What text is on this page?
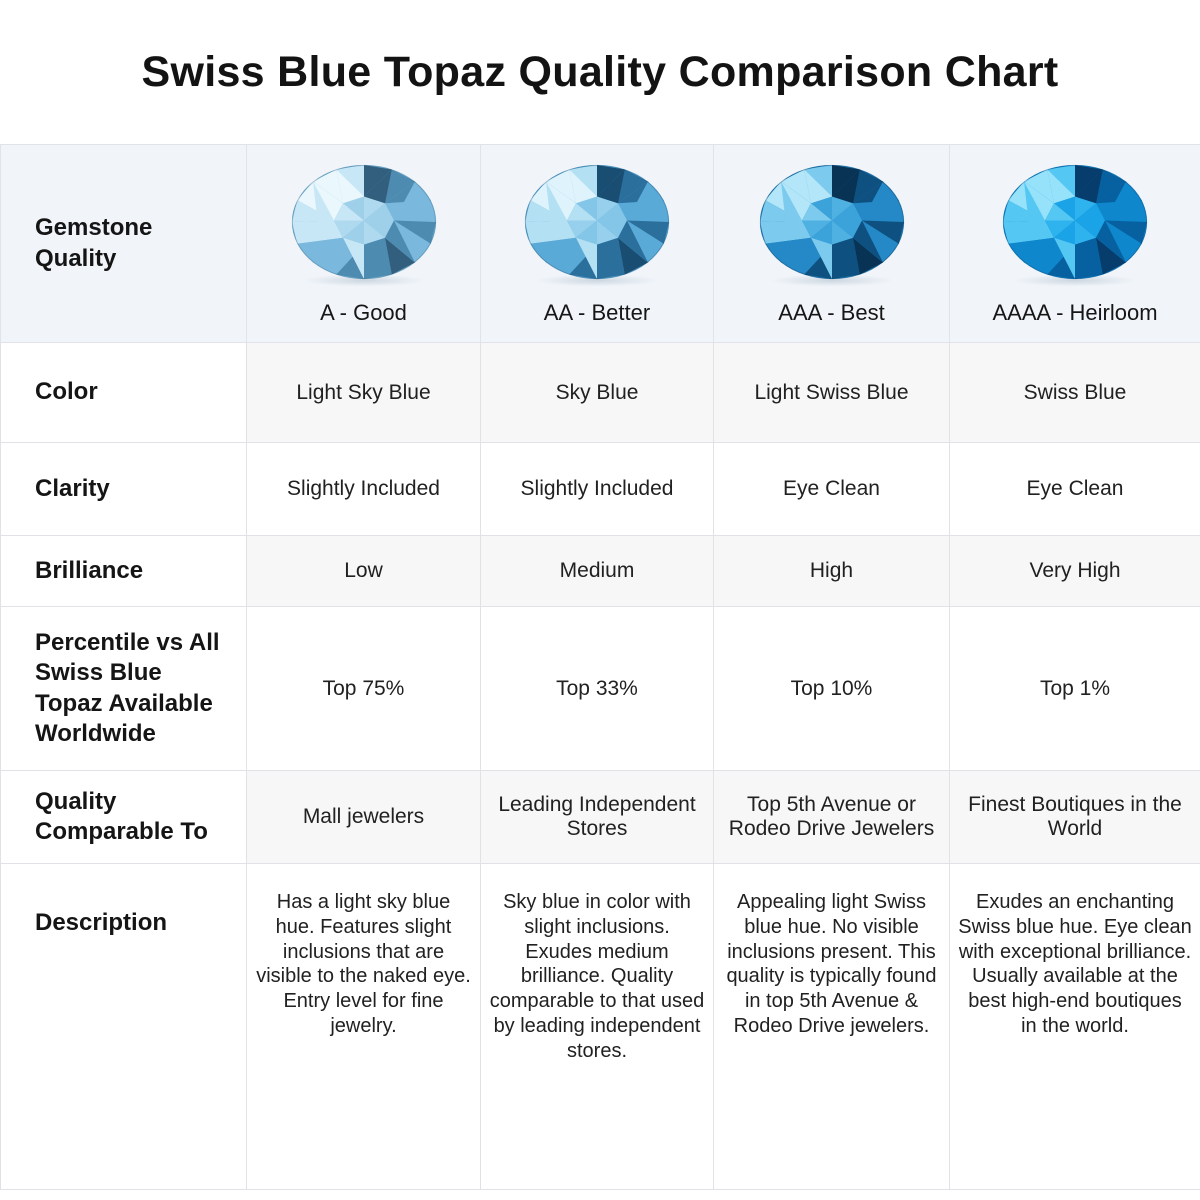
Swiss Blue Topaz Quality Comparison Chart
Gemstone Quality	A - Good	AA - Better	AAA - Best	AAAA - Heirloom

Color	Light Sky Blue	Sky Blue	Light Swiss Blue	Swiss Blue
Clarity	Slightly Included	Slightly Included	Eye Clean	Eye Clean
Brilliance	Low	Medium	High	Very High
Percentile vs All Swiss Blue Topaz Available Worldwide	Top 75%	Top 33%	Top 10%	Top 1%
Quality Comparable To	Mall jewelers	Leading Independent Stores	Top 5th Avenue or Rodeo Drive Jewelers	Finest Boutiques in the World
Description	Has a light sky blue hue. Features slight inclusions that are visible to the naked eye. Entry level for fine jewelry.	Sky blue in color with slight inclusions. Exudes medium brilliance. Quality comparable to that used by leading independent stores.	Appealing light Swiss blue hue. No visible inclusions present. This quality is typically found in top 5th Avenue & Rodeo Drive jewelers.	Exudes an enchanting Swiss blue hue. Eye clean with exceptional brilliance. Usually available at the best high-end boutiques in the world.
